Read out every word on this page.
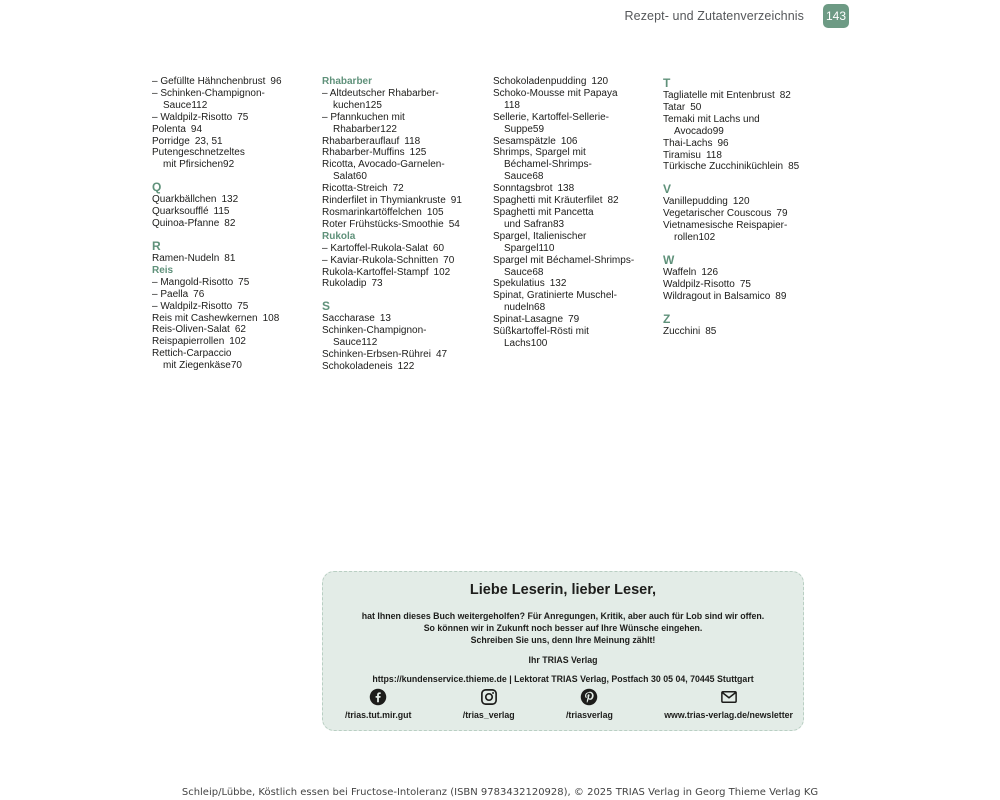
Rezept- und Zutatenverzeichnis 143
– Gefüllte Hähnchenbrust 96
– Schinken-Champignon-
Sauce112
– Waldpilz-Risotto 75
Polenta 94
Porridge 23, 51
Putengeschnetzeltes
mit Pfirsichen92
Q
Quarkbällchen 132
Quarksoufflé 115
Quinoa-Pfanne 82
R
Ramen-Nudeln 81
Reis
– Mangold-Risotto 75
– Paella 76
– Waldpilz-Risotto 75
Reis mit Cashewkernen 108
Reis-Oliven-Salat 62
Reispapierrollen 102
Rettich-Carpaccio
mit Ziegenkäse70
Rhabarber
– Altdeutscher Rhabarber-
kuchen125
– Pfannkuchen mit
Rhabarber122
Rhabarberauflauf 118
Rhabarber-Muffins 125
Ricotta, Avocado-Garnelen-
Salat60
Ricotta-Streich 72
Rinderfilet in Thymiankruste 91
Rosmarinkartöffelchen 105
Roter Frühstücks-Smoothie 54
Rukola
– Kartoffel-Rukola-Salat 60
– Kaviar-Rukola-Schnitten 70
Rukola-Kartoffel-Stampf 102
Rukoladip 73
S
Saccharase 13
Schinken-Champignon-
Sauce112
Schinken-Erbsen-Rührei 47
Schokoladeneis 122
Schokoladenpudding 120
Schoko-Mousse mit Papaya
118
Sellerie, Kartoffel-Sellerie-
Suppe59
Sesamspätzle 106
Shrimps, Spargel mit
Béchamel-Shrimps-
Sauce68
Sonntagsbrot 138
Spaghetti mit Kräuterfilet 82
Spaghetti mit Pancetta
und Safran83
Spargel, Italienischer
Spargel110
Spargel mit Béchamel-Shrimps-
Sauce68
Spekulatius 132
Spinat, Gratinierte Muschel-
nudeln68
Spinat-Lasagne 79
Süßkartoffel-Rösti mit
Lachs100
T
Tagliatelle mit Entenbrust 82
Tatar 50
Temaki mit Lachs und
Avocado99
Thai-Lachs 96
Tiramisu 118
Türkische Zucchiniküchlein 85
V
Vanillepudding 120
Vegetarischer Couscous 79
Vietnamesische Reispapier-
rollen102
W
Waffeln 126
Waldpilz-Risotto 75
Wildragout in Balsamico 89
Z
Zucchini 85
Liebe Leserin, lieber Leser,
hat Ihnen dieses Buch weitergeholfen? Für Anregungen, Kritik, aber auch für Lob sind wir offen.
So können wir in Zukunft noch besser auf Ihre Wünsche eingehen.
Schreiben Sie uns, denn Ihre Meinung zählt!
Ihr TRIAS Verlag
https://kundenservice.thieme.de | Lektorat TRIAS Verlag, Postfach 30 05 04, 70445 Stuttgart
/trias.tut.mir.gut	/trias_verlag	/triasverlag	www.trias-verlag.de/newsletter
Schleip/Lübbe, Köstlich essen bei Fructose-Intoleranz (ISBN 9783432120928), © 2025 TRIAS Verlag in Georg Thieme Verlag KG
